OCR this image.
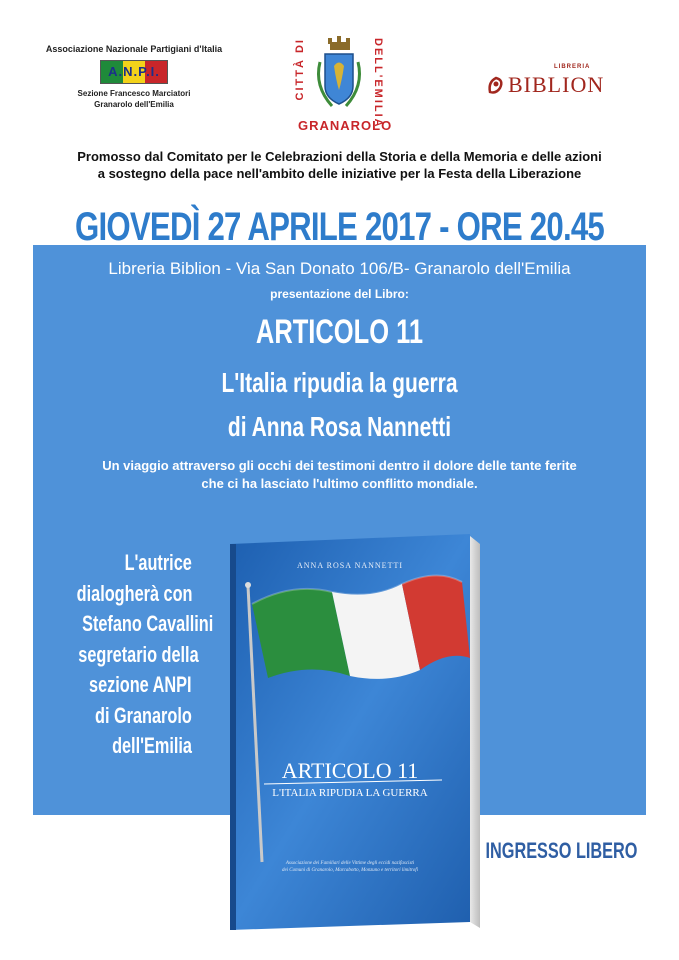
Associazione Nazionale Partigiani d'Italia
A.N.P.I.
Sezione Francesco Marciatori
Granarolo dell'Emilia
CITTÀ DI	DELL'EMILIA
GRANAROLO
LIBRERIA
BIBLION
Promosso dal Comitato per le Celebrazioni della Storia e della Memoria e delle azioni
a sostegno della pace nell'ambito delle iniziative per la Festa della Liberazione
GIOVEDÌ 27 APRILE 2017 - ORE 20.45
Libreria Biblion - Via San Donato 106/B- Granarolo dell'Emilia
presentazione del Libro:
ARTICOLO 11
L'Italia ripudia la guerra
di Anna Rosa Nannetti
Un viaggio attraverso gli occhi dei testimoni dentro il dolore delle tante ferite
che ci ha lasciato l'ultimo conflitto mondiale.
L'autrice
dialogherà con
Stefano Cavallini
segretario della
sezione ANPI
di Granarolo
dell'Emilia
ANNA ROSA NANNETTI
ARTICOLO 11
L'ITALIA RIPUDIA LA GUERRA
Associazione dei Familiari delle Vittime degli eccidi nazifascisti
dei Comuni di Granarolo, Marcabotto, Monzuno e territori limitrofi
INGRESSO LIBERO
